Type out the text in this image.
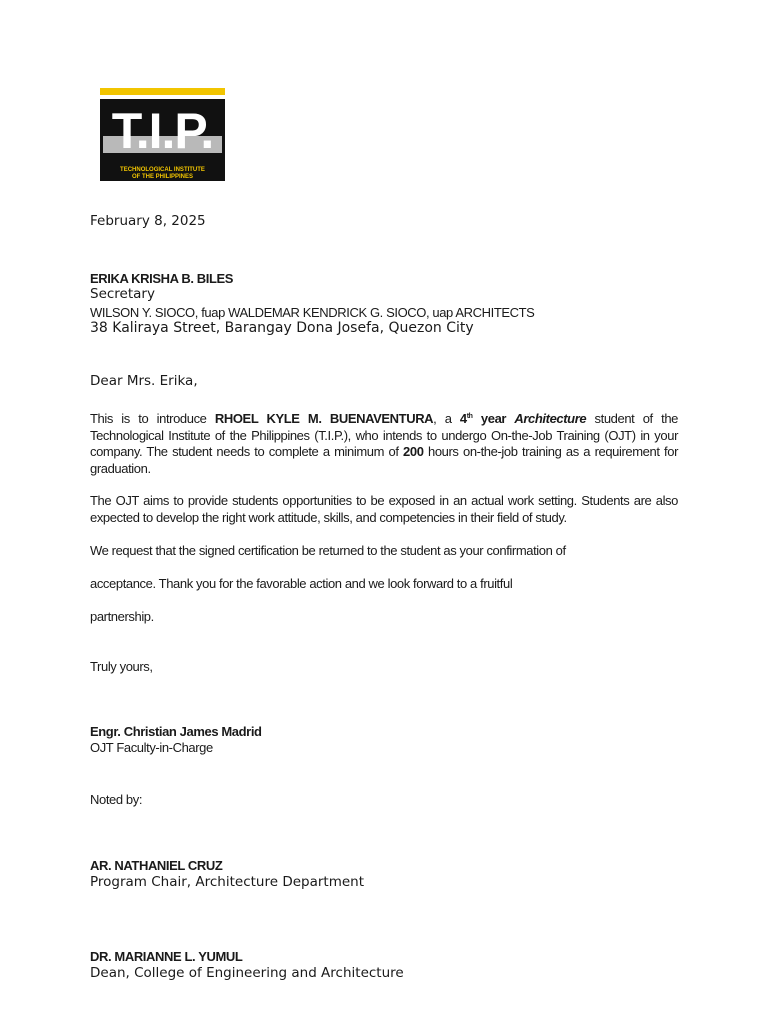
T.I.P.
TECHNOLOGICAL INSTITUTE
OF THE PHILIPPINES
February 8, 2025
ERIKA KRISHA B. BILES
Secretary
WILSON Y. SIOCO, fuap WALDEMAR KENDRICK G. SIOCO, uap ARCHITECTS
38 Kaliraya Street, Barangay Dona Josefa, Quezon City
Dear Mrs. Erika,
This is to introduce RHOEL KYLE M. BUENAVENTURA, a 4th year Architecture student of the Technological Institute of the Philippines (T.I.P.), who intends to undergo On-the-Job Training (OJT) in your company. The student needs to complete a minimum of 200 hours on-the-job training as a requirement for graduation.
The OJT aims to provide students opportunities to be exposed in an actual work setting. Students are also expected to develop the right work attitude, skills, and competencies in their field of study.
We request that the signed certification be returned to the student as your confirmation of
acceptance. Thank you for the favorable action and we look forward to a fruitful
partnership.
Truly yours,
Engr. Christian James Madrid
OJT Faculty-in-Charge
Noted by:
AR. NATHANIEL CRUZ
Program Chair, Architecture Department
DR. MARIANNE L. YUMUL
Dean, College of Engineering and Architecture
